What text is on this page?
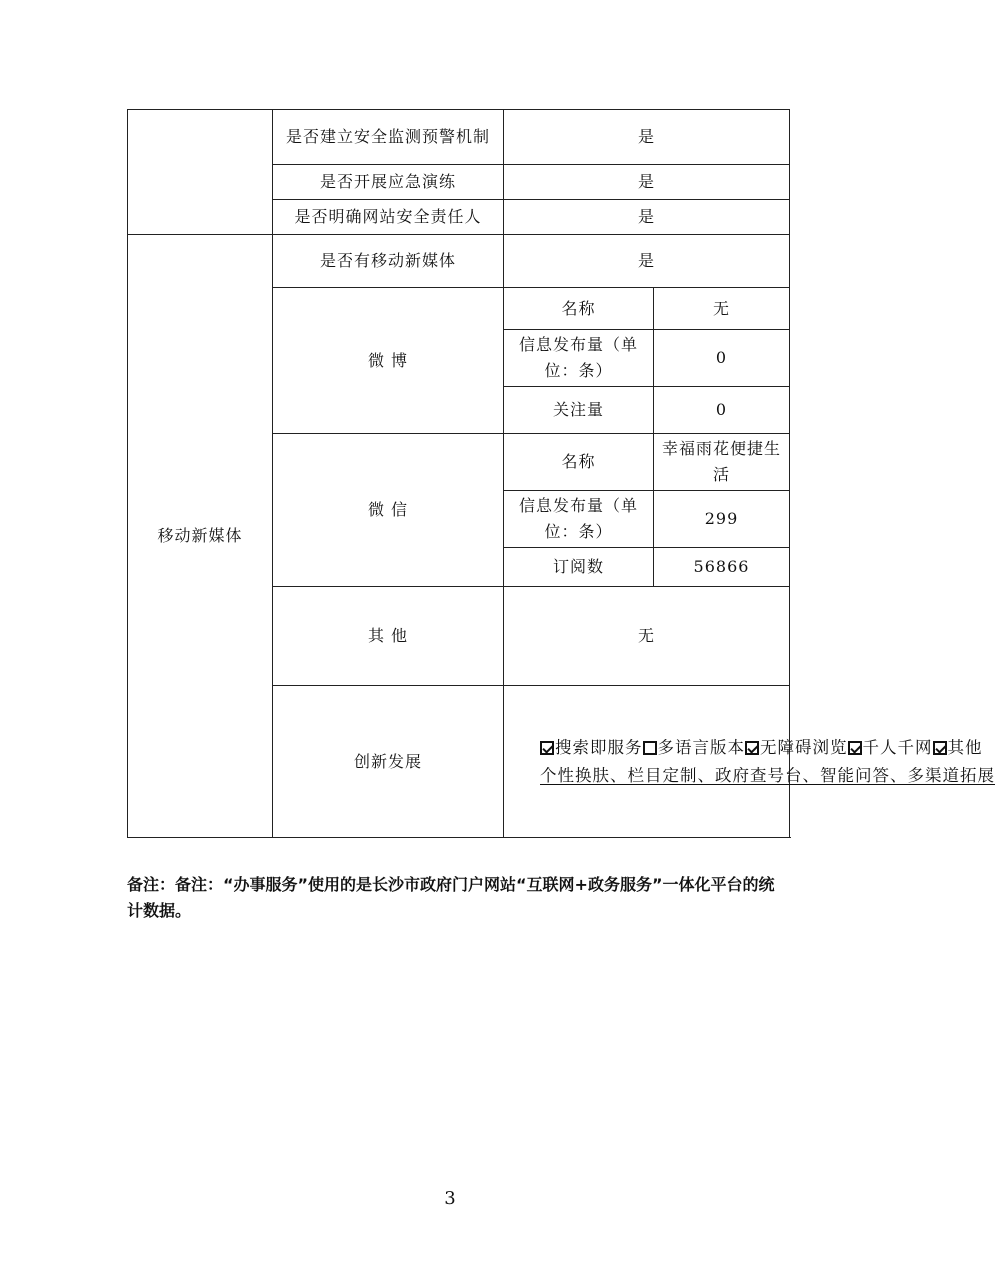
	是否建立安全监测预警机制	是	
	是否开展应急演练	是	
	是否明确网站安全责任人	是	
移动新媒体	是否有移动新媒体	是	
	微 博	名称	无
		信息发布量（单位：条）	0
		关注量	0
	微 信	名称	幸福雨花便捷生活
		信息发布量（单位：条）	299
		订阅数	56866
	其 他	无	
	创新发展	搜索即服务 多语言版本 无障碍浏览 千人千网 其他
个性换肤、栏目定制、政府查号台、智能问答、多渠道拓展	
备注：备注：“办事服务”使用的是长沙市政府门户网站“互联网+政务服务”一体化平台的统计数据。
3
